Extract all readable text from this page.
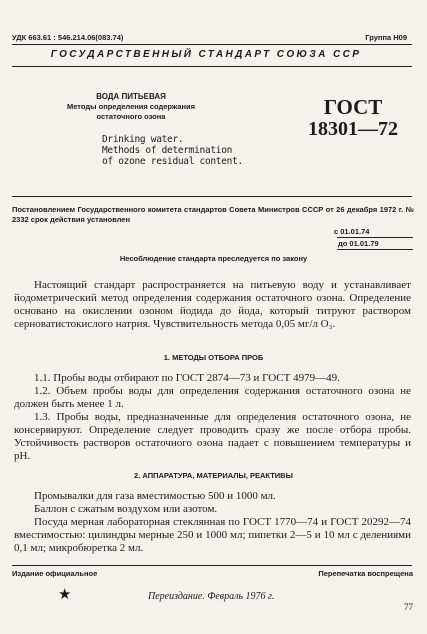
УДК 663.61 : 546.214.06(083.74)	Группа Н09
ГОСУДАРСТВЕННЫЙ СТАНДАРТ СОЮЗА ССР
ВОДА ПИТЬЕВАЯ
Методы определения содержания
остаточного озона
Drinking water.
Methods of determination
of ozone residual content.
ГОСТ
18301—72
Постановлением Государственного комитета стандартов Совета Министров СССР от 26 декабря 1972 г. № 2332 срок действия установлен
с 01.01.74
до 01.01.79
Несоблюдение стандарта преследуется по закону
Настоящий стандарт распространяется на питьевую воду и устанавливает йодометрический метод определения содержания остаточного озона. Определение основано на окислении озоном йодида до йода, который титруют раствором серноватистокислого натрия. Чувствительность метода 0,05 мг/л O₃.
1. МЕТОДЫ ОТБОРА ПРОБ
1.1. Пробы воды отбирают по ГОСТ 2874—73 и ГОСТ 4979—49.
1.2. Объем пробы воды для определения содержания остаточного озона не должен быть менее 1 л.
1.3. Пробы воды, предназначенные для определения остаточного озона, не консервируют. Определение следует проводить сразу же после отбора пробы. Устойчивость растворов остаточного озона падает с повышением температуры и pH.
2. АППАРАТУРА, МАТЕРИАЛЫ, РЕАКТИВЫ
Промывалки для газа вместимостью 500 и 1000 мл.
Баллон с сжатым воздухом или азотом.
Посуда мерная лабораторная стеклянная по ГОСТ 1770—74 и ГОСТ 20292—74 вместимостью: цилиндры мерные 250 и 1000 мл; пипетки 2—5 и 10 мл с делениями 0,1 мл; микробюретка 2 мл.
Издание официальное	Перепечатка воспрещена
★	Переиздание. Февраль 1976 г.
77
